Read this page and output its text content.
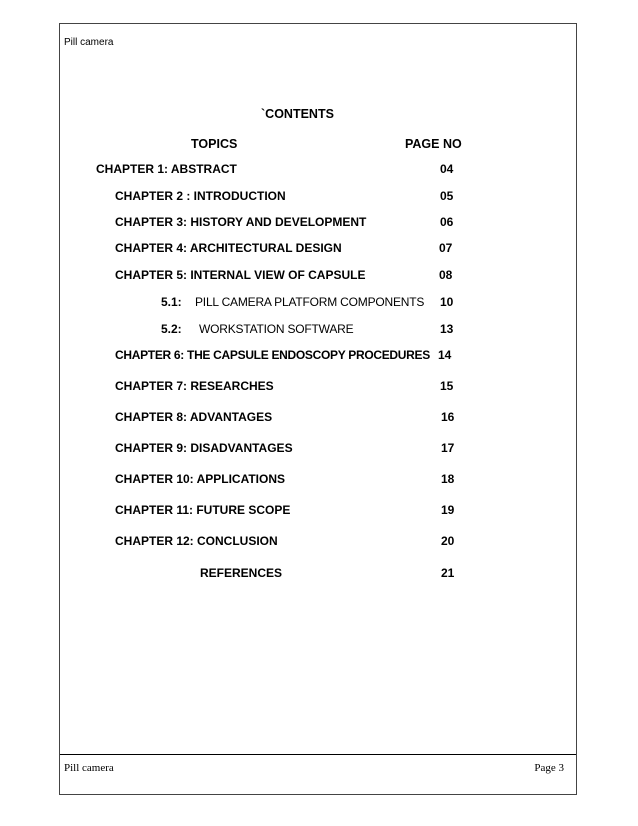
Pill camera
`CONTENTS
TOPICS	PAGE NO
CHAPTER 1: ABSTRACT	04
CHAPTER 2 : INTRODUCTION	05
CHAPTER 3: HISTORY AND DEVELOPMENT	06
CHAPTER 4: ARCHITECTURAL DESIGN	07
CHAPTER 5: INTERNAL VIEW OF CAPSULE	08
5.1: PILL CAMERA PLATFORM COMPONENTS 10
5.2: WORKSTATION SOFTWARE	13
CHAPTER 6: THE CAPSULE ENDOSCOPY PROCEDURES 14
CHAPTER 7: RESEARCHES	15
CHAPTER 8: ADVANTAGES	16
CHAPTER 9: DISADVANTAGES	17
CHAPTER 10: APPLICATIONS	18
CHAPTER 11: FUTURE SCOPE	19
CHAPTER 12: CONCLUSION	20
REFERENCES	21
Pill camera	Page 3
